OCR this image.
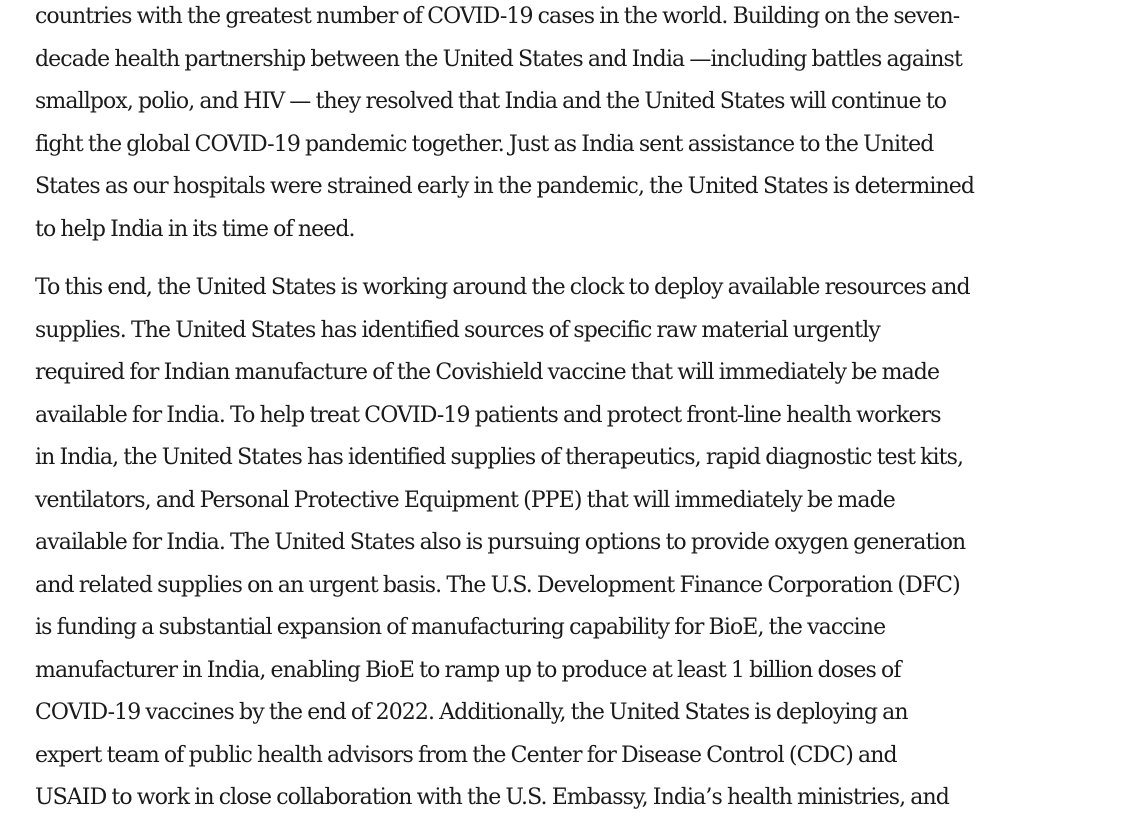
countries with the greatest number of COVID-19 cases in the world. Building on the seven-
decade health partnership between the United States and India —including battles against
smallpox, polio, and HIV — they resolved that India and the United States will continue to
fight the global COVID-19 pandemic together. Just as India sent assistance to the United
States as our hospitals were strained early in the pandemic, the United States is determined
to help India in its time of need.
To this end, the United States is working around the clock to deploy available resources and
supplies. The United States has identified sources of specific raw material urgently
required for Indian manufacture of the Covishield vaccine that will immediately be made
available for India. To help treat COVID-19 patients and protect front-line health workers
in India, the United States has identified supplies of therapeutics, rapid diagnostic test kits,
ventilators, and Personal Protective Equipment (PPE) that will immediately be made
available for India. The United States also is pursuing options to provide oxygen generation
and related supplies on an urgent basis. The U.S. Development Finance Corporation (DFC)
is funding a substantial expansion of manufacturing capability for BioE, the vaccine
manufacturer in India, enabling BioE to ramp up to produce at least 1 billion doses of
COVID-19 vaccines by the end of 2022. Additionally, the United States is deploying an
expert team of public health advisors from the Center for Disease Control (CDC) and
USAID to work in close collaboration with the U.S. Embassy, India’s health ministries, and
